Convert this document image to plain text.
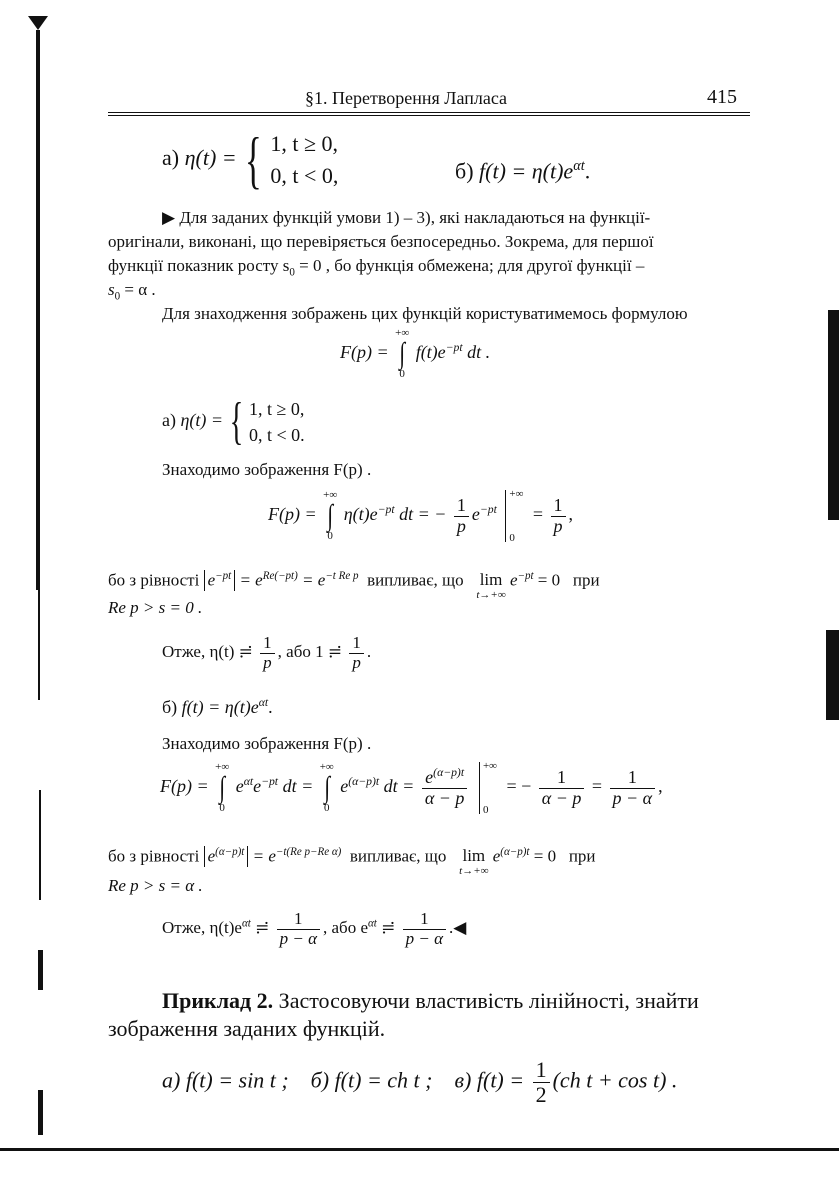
§1. Перетворення Лапласа	415
а) η(t) = { 1, t ≥ 0,
0, t < 0,	б) $f(t) = \eta(t)e^{\alpha t}$.
▶ Для заданих функцій умови 1) – 3), які накладаються на функції-
оригінали, виконані, що перевіряється безпосередньо. Зокрема, для першої
функції показник росту $s_0 = 0$ , бо функція обмежена; для другої функції –
$s_0 = \alpha$ .
Для знаходження зображень цих функцій користуватимемось формулою
F(p) =
+∞
∫
0
$f(t)e^{-pt}$ dt .
а) η(t) = { 1, t ≥ 0,
0, t < 0.
Знаходимо зображення F(p) .
F(p) =
+∞
∫
0
$\eta(t)e^{-pt}$ dt = − $\frac{1}{p} e^{-pt}$
+∞
0
= $\frac{1}{p}$ ,
бо з рівності $e^{-pt} = e^{Re(-pt)} = e^{-t Re p}$ випливає, що lim
t→+∞
$e^{-pt} = 0$ при
Re p > s = 0 .
Отже, η(t) ≓ $\frac{1}{p}$ , або 1 ≓ $\frac{1}{p}$ .
б) $f(t) = \eta(t)e^{\alpha t}$.
Знаходимо зображення F(p) .
F(p) =
+∞
∫
0
$e^{\alpha t}e^{-pt}$ dt =
+∞
∫
0
$e^{(\alpha-p)t}$ dt = $\frac{e^{(\alpha-p)t}}{\alpha - p}$

+∞
0
= − $\frac{1}{\alpha - p} = \frac{1}{p - \alpha}$ ,
бо з рівності $e^{(\alpha-p)t} = e^{-t(Re p-Re \alpha)}$ випливає, що lim
t→+∞
$e^{(\alpha-p)t} = 0$ при
Re p > s = α .
Отже, $\eta(t)e^{\alpha t}$ ≓ $\frac{1}{p - \alpha}$ , або $e^{\alpha t}$ ≓ $\frac{1}{p - \alpha}$ .◀
Приклад 2. Застосовуючи властивість лінійності, знайти
зображення заданих функцій.
а) f(t) = sin t ; б) f(t) = ch t ; в) $f(t) = \frac{1}{2} (ch$ t + cos t) .
